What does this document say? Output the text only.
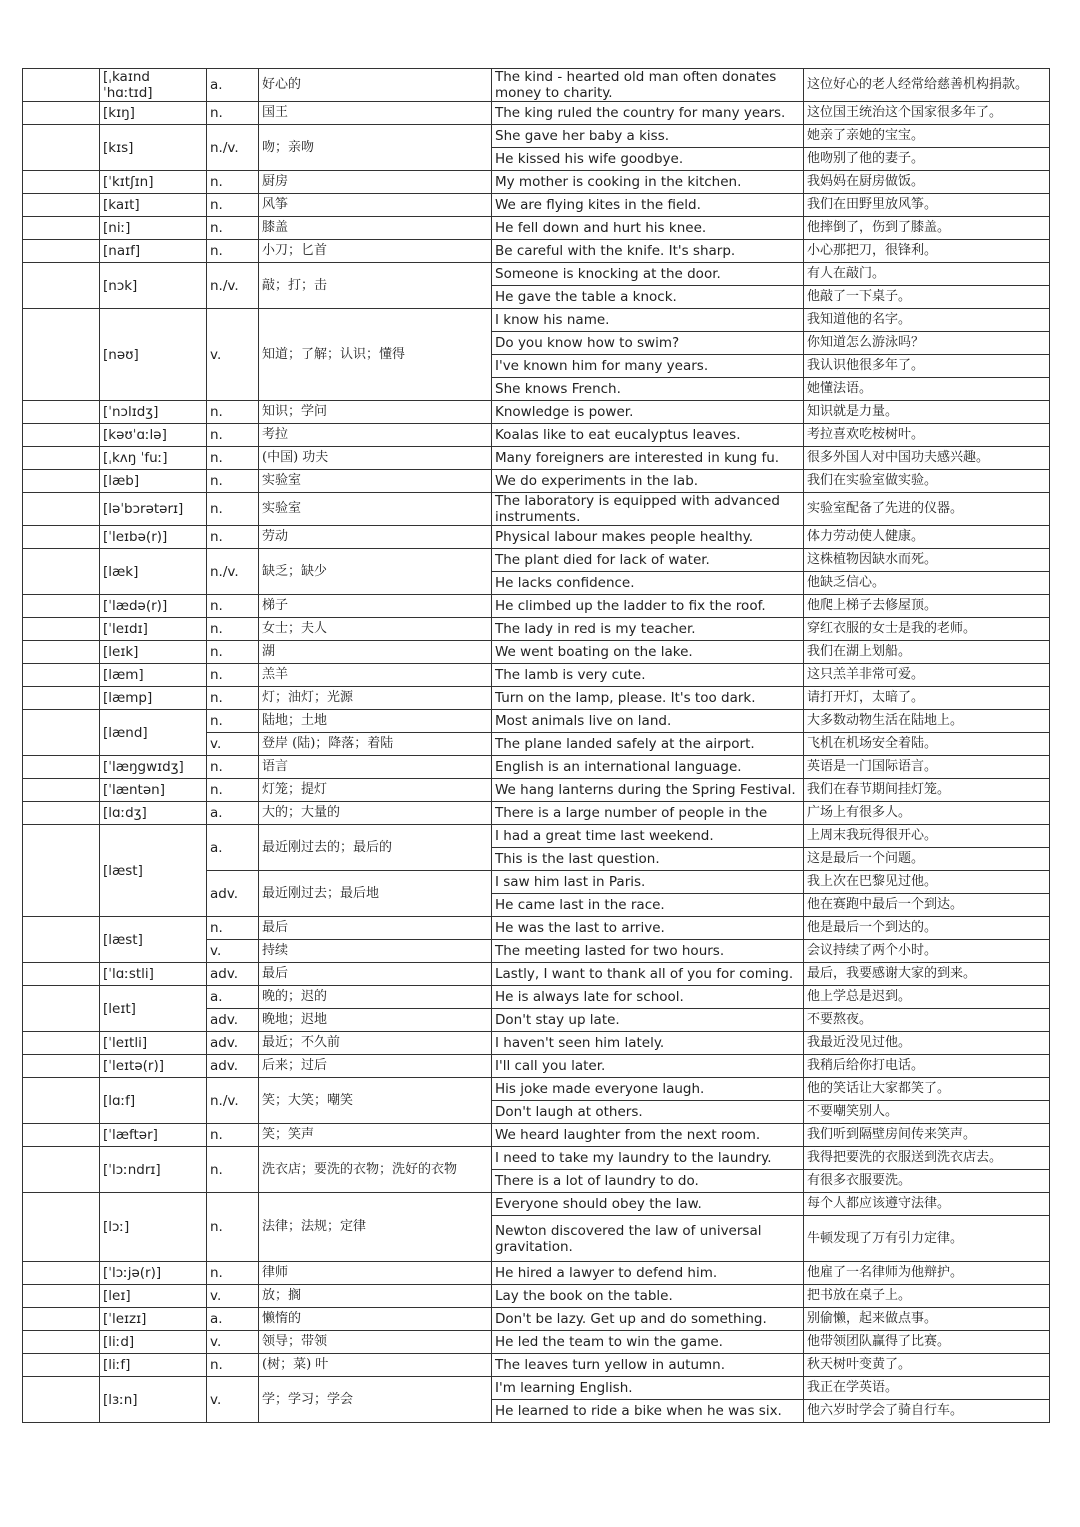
	[ˌkaɪnd ˈhɑːtɪd]	a.	好心的	The kind - hearted old man often donates money to charity.	这位好心的老人经常给慈善机构捐款。
	[kɪŋ]	n.	国王	The king ruled the country for many years.	这位国王统治这个国家很多年了。
	[kɪs]	n./v.	吻；亲吻	She gave her baby a kiss.	她亲了亲她的宝宝。
				He kissed his wife goodbye.	他吻别了他的妻子。
	[ˈkɪtʃɪn]	n.	厨房	My mother is cooking in the kitchen.	我妈妈在厨房做饭。
	[kaɪt]	n.	风筝	We are flying kites in the field.	我们在田野里放风筝。
	[niː]	n.	膝盖	He fell down and hurt his knee.	他摔倒了，伤到了膝盖。
	[naɪf]	n.	小刀；匕首	Be careful with the knife. It's sharp.	小心那把刀，很锋利。
	[nɔk]	n./v.	敲；打；击	Someone is knocking at the door.	有人在敲门。
				He gave the table a knock.	他敲了一下桌子。
	[nəʊ]	v.	知道；了解；认识；懂得	I know his name.	我知道他的名字。
				Do you know how to swim?	你知道怎么游泳吗？
				I've known him for many years.	我认识他很多年了。
				She knows French.	她懂法语。
	[ˈnɔlɪdʒ]	n.	知识；学问	Knowledge is power.	知识就是力量。
	[kəʊˈɑːlə]	n.	考拉	Koalas like to eat eucalyptus leaves.	考拉喜欢吃桉树叶。
	[ˌkʌŋ ˈfuː]	n.	(中国) 功夫	Many foreigners are interested in kung fu.	很多外国人对中国功夫感兴趣。
	[læb]	n.	实验室	We do experiments in the lab.	我们在实验室做实验。
	[ləˈbɔrətərɪ]	n.	实验室	The laboratory is equipped with advanced instruments.	实验室配备了先进的仪器。
	[ˈleɪbə(r)]	n.	劳动	Physical labour makes people healthy.	体力劳动使人健康。
	[læk]	n./v.	缺乏；缺少	The plant died for lack of water.	这株植物因缺水而死。
				He lacks confidence.	他缺乏信心。
	[ˈlædə(r)]	n.	梯子	He climbed up the ladder to fix the roof.	他爬上梯子去修屋顶。
	[ˈleɪdɪ]	n.	女士；夫人	The lady in red is my teacher.	穿红衣服的女士是我的老师。
	[leɪk]	n.	湖	We went boating on the lake.	我们在湖上划船。
	[læm]	n.	羔羊	The lamb is very cute.	这只羔羊非常可爱。
	[læmp]	n.	灯；油灯；光源	Turn on the lamp, please. It's too dark.	请打开灯，太暗了。
	[lænd]	n.	陆地；土地	Most animals live on land.	大多数动物生活在陆地上。
		v.	登岸 (陆)；降落；着陆	The plane landed safely at the airport.	飞机在机场安全着陆。
	[ˈlæŋgwɪdʒ]	n.	语言	English is an international language.	英语是一门国际语言。
	[ˈlæntən]	n.	灯笼；提灯	We hang lanterns during the Spring Festival.	我们在春节期间挂灯笼。
	[lɑːdʒ]	a.	大的；大量的	There is a large number of people in the	广场上有很多人。
	[læst]	a.	最近刚过去的；最后的	I had a great time last weekend.	上周末我玩得很开心。
				This is the last question.	这是最后一个问题。
		adv.	最近刚过去；最后地	I saw him last in Paris.	我上次在巴黎见过他。
				He came last in the race.	他在赛跑中最后一个到达。
	[læst]	n.	最后	He was the last to arrive.	他是最后一个到达的。
		v.	持续	The meeting lasted for two hours.	会议持续了两个小时。
	[ˈlɑːstli]	adv.	最后	Lastly, I want to thank all of you for coming.	最后，我要感谢大家的到来。
	[leɪt]	a.	晚的；迟的	He is always late for school.	他上学总是迟到。
		adv.	晚地；迟地	Don't stay up late.	不要熬夜。
	[ˈleɪtli]	adv.	最近；不久前	I haven't seen him lately.	我最近没见过他。
	[ˈleɪtə(r)]	adv.	后来；过后	I'll call you later.	我稍后给你打电话。
	[lɑːf]	n./v.	笑；大笑；嘲笑	His joke made everyone laugh.	他的笑话让大家都笑了。
				Don't laugh at others.	不要嘲笑别人。
	[ˈlæftər]	n.	笑；笑声	We heard laughter from the next room.	我们听到隔壁房间传来笑声。
	[ˈlɔːndrɪ]	n.	洗衣店；要洗的衣物；洗好的衣物	I need to take my laundry to the laundry.	我得把要洗的衣服送到洗衣店去。
				There is a lot of laundry to do.	有很多衣服要洗。
	[lɔː]	n.	法律；法规；定律	Everyone should obey the law.	每个人都应该遵守法律。
				Newton discovered the law of universal gravitation.	牛顿发现了万有引力定律。

	[ˈlɔːjə(r)]	n.	律师	He hired a lawyer to defend him.	他雇了一名律师为他辩护。
	[leɪ]	v.	放；搁	Lay the book on the table.	把书放在桌子上。
	[ˈleɪzɪ]	a.	懒惰的	Don't be lazy. Get up and do something.	别偷懒，起来做点事。
	[liːd]	v.	领导；带领	He led the team to win the game.	他带领团队赢得了比赛。
	[liːf]	n.	(树；菜) 叶	The leaves turn yellow in autumn.	秋天树叶变黄了。
	[lɜːn]	v.	学；学习；学会	I'm learning English.	我正在学英语。
				He learned to ride a bike when he was six.	他六岁时学会了骑自行车。
